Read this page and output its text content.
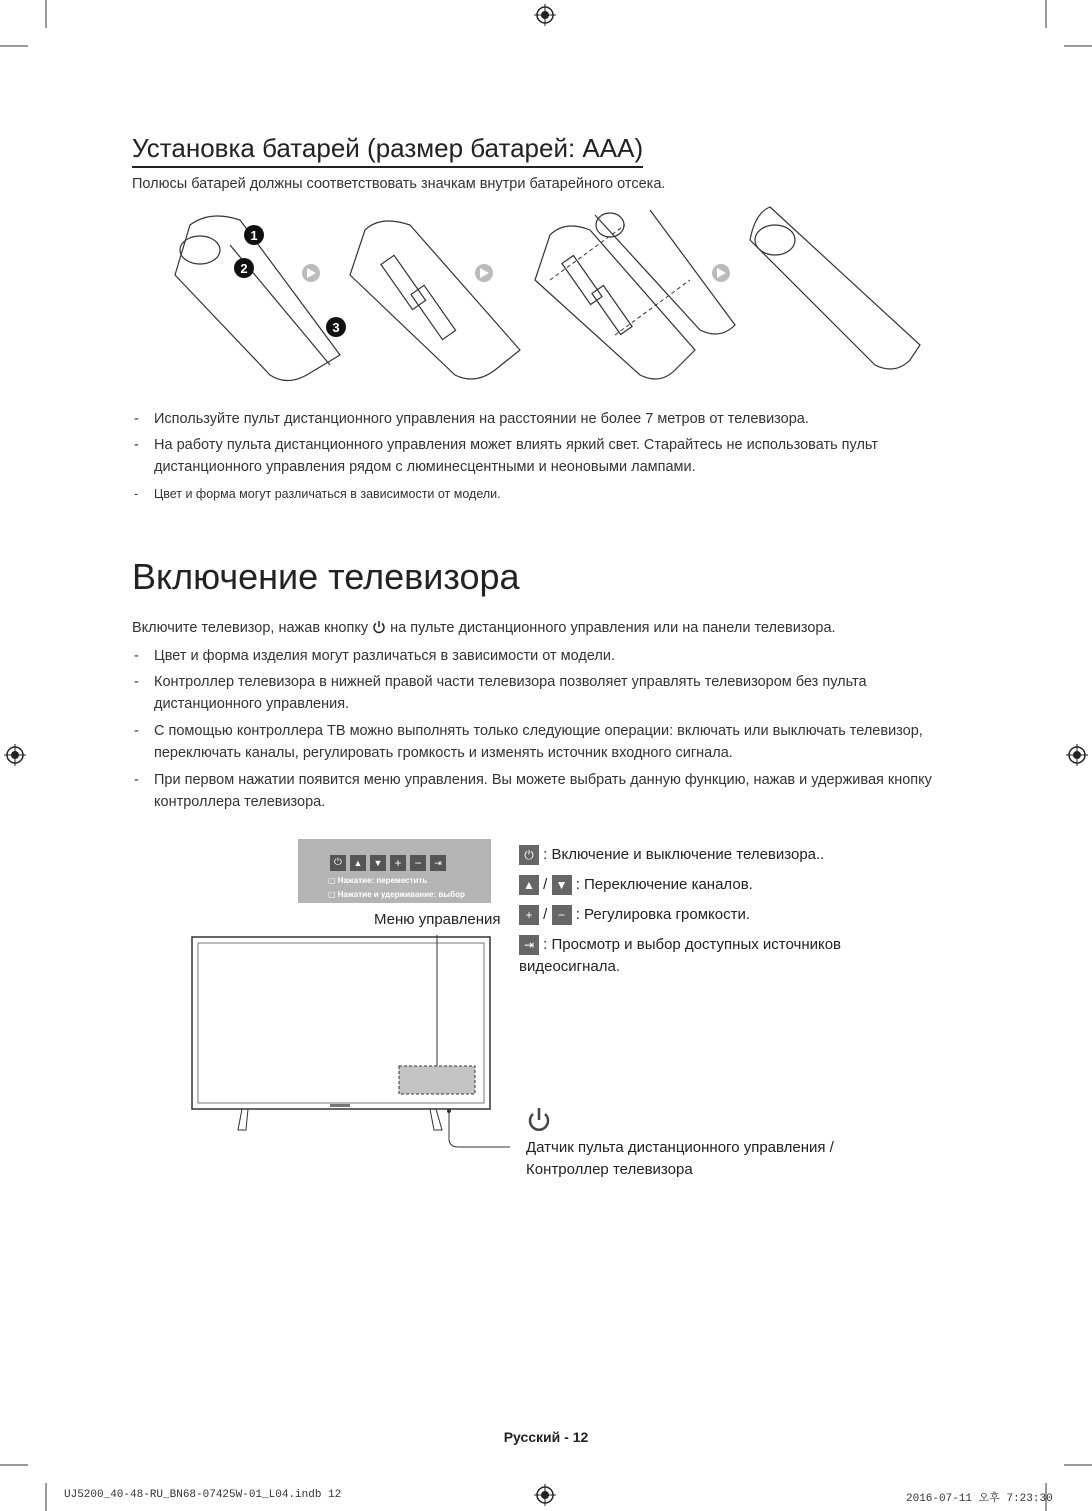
Установка батарей (размер батарей: AAA)
Полюсы батарей должны соответствовать значкам внутри батарейного отсека.
1
2
3
- Используйте пульт дистанционного управления на расстоянии не более 7 метров от телевизора.
- На работу пульта дистанционного управления может влиять яркий свет. Старайтесь не использовать пульт дистанционного управления рядом с люминесцентными и неоновыми лампами.
- Цвет и форма могут различаться в зависимости от модели.
Включение телевизора
Включите телевизор, нажав кнопку на пульте дистанционного управления или на панели телевизора.
- Цвет и форма изделия могут различаться в зависимости от модели.
- Контроллер телевизора в нижней правой части телевизора позволяет управлять телевизором без пульта дистанционного управления.
- С помощью контроллера ТВ можно выполнять только следующие операции: включать или выключать телевизор, переключать каналы, регулировать громкость и изменять источник входного сигнала.
- При первом нажатии появится меню управления. Вы можете выбрать данную функцию, нажав и удерживая кнопку контроллера телевизора.
⏻	▲	▼	+	−	⇥
▢ Нажатие: переместить
▢ Нажатие и удерживание: выбор
Меню управления
⏻ : Включение и выключение телевизора..
▲ / ▼ : Переключение каналов.
+ / − : Регулировка громкости.
⇥ : Просмотр и выбор доступных источников видеосигнала.
Датчик пульта дистанционного управления /
Контроллер телевизора
Русский - 12
UJ5200_40-48-RU_BN68-07425W-01_L04.indb 12	2016-07-11 오후 7:23:30
